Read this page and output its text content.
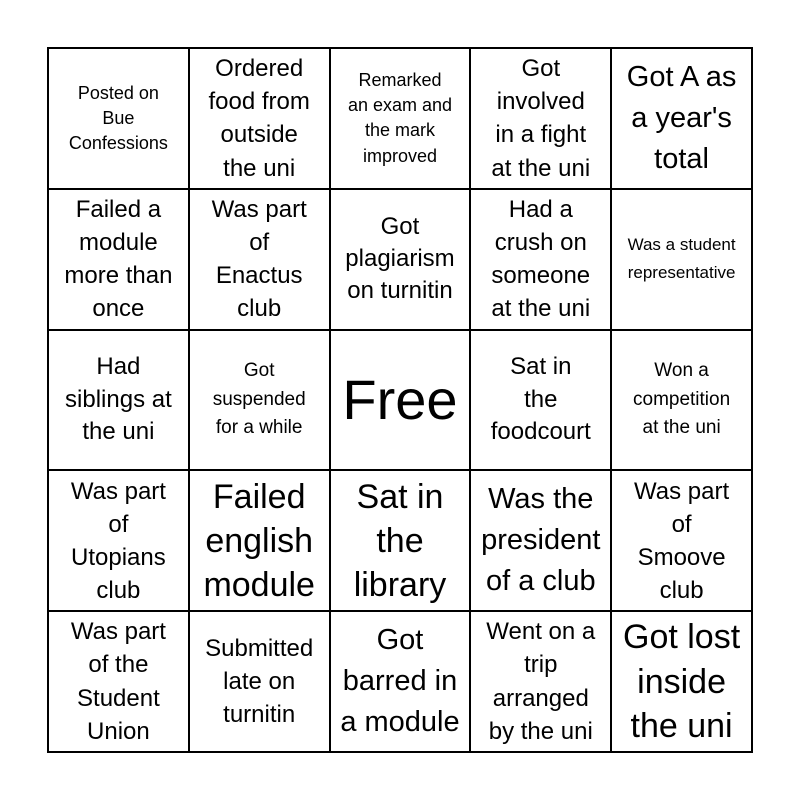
Posted on
Bue
Confessions
Ordered
food from
outside
the uni
Remarked
an exam and
the mark
improved
Got
involved
in a fight
at the uni
Got A as
a year's
total
Failed a
module
more than
once
Was part
of
Enactus
club
Got
plagiarism
on turnitin
Had a
crush on
someone
at the uni
Was a student
representative
Had
siblings at
the uni
Got
suspended
for a while Free
Sat in
the
foodcourt
Won a
competition
at the uni
Was part
of
Utopians
club
Failed
english
module
Sat in
the
library
Was the
president
of a club
Was part
of
Smoove
club
Was part
of the
Student
Union
Submitted
late on
turnitin
Got
barred in
a module
Went on a
trip
arranged
by the uni
Got lost
inside
the uni
